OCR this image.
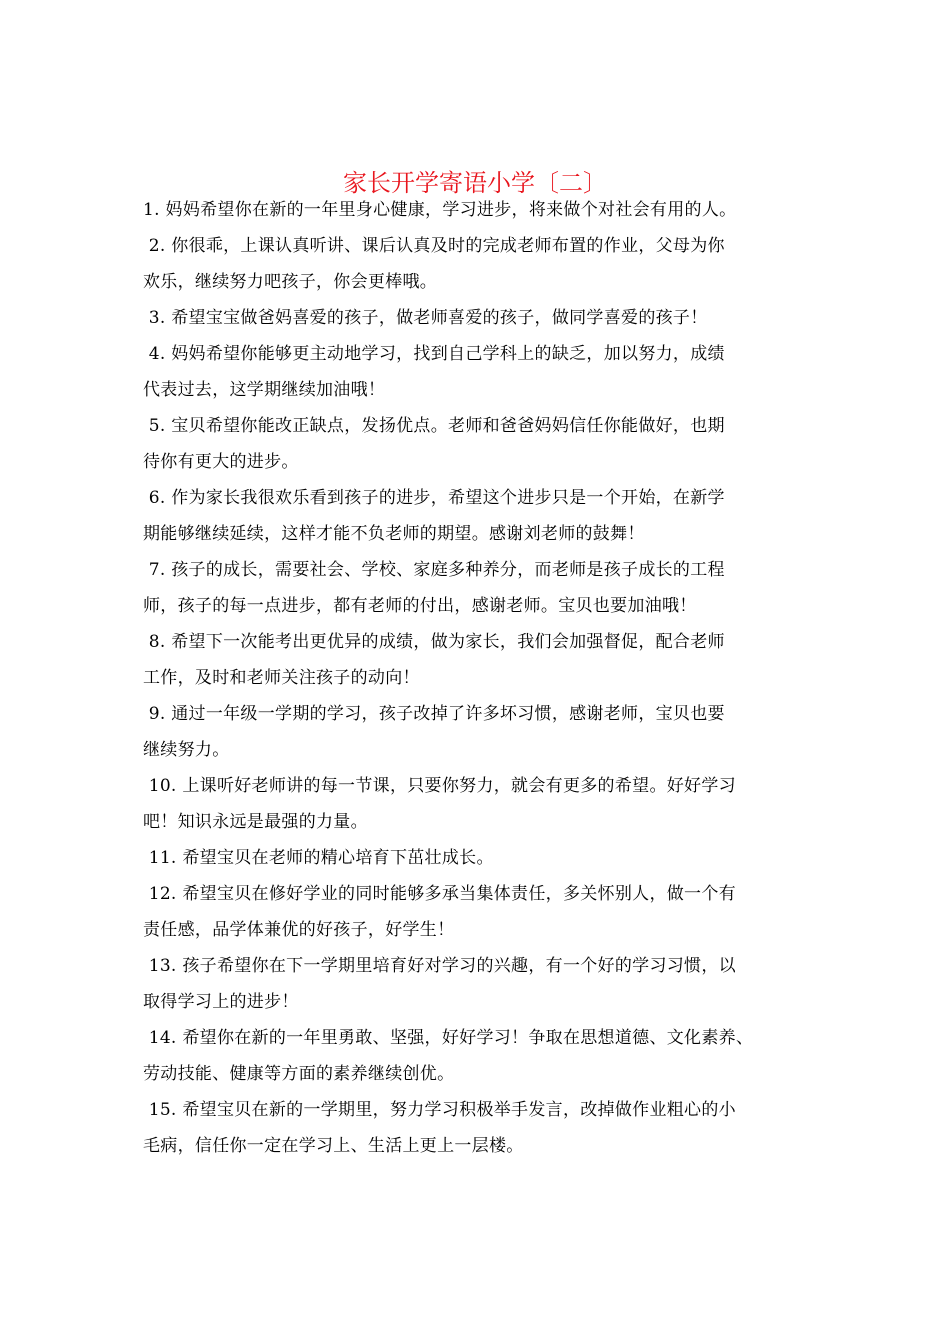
家长开学寄语小学〔二〕

1. 妈妈希望你在新的一年里身心健康，学习进步，将来做个对社会有用的人。

2. 你很乖，上课认真听讲、课后认真及时的完成老师布置的作业，父母为你

欢乐，继续努力吧孩子，你会更棒哦。

3. 希望宝宝做爸妈喜爱的孩子，做老师喜爱的孩子，做同学喜爱的孩子！

4. 妈妈希望你能够更主动地学习，找到自己学科上的缺乏，加以努力，成绩

代表过去，这学期继续加油哦！

5. 宝贝希望你能改正缺点，发扬优点。老师和爸爸妈妈信任你能做好，也期

待你有更大的进步。

6. 作为家长我很欢乐看到孩子的进步，希望这个进步只是一个开始，在新学

期能够继续延续，这样才能不负老师的期望。感谢刘老师的鼓舞！

7. 孩子的成长，需要社会、学校、家庭多种养分，而老师是孩子成长的工程

师，孩子的每一点进步，都有老师的付出，感谢老师。宝贝也要加油哦！

8. 希望下一次能考出更优异的成绩，做为家长，我们会加强督促，配合老师

工作，及时和老师关注孩子的动向！

9. 通过一年级一学期的学习，孩子改掉了许多坏习惯，感谢老师，宝贝也要

继续努力。

10. 上课听好老师讲的每一节课，只要你努力，就会有更多的希望。好好学习

吧！知识永远是最强的力量。

11. 希望宝贝在老师的精心培育下茁壮成长。

12. 希望宝贝在修好学业的同时能够多承当集体责任，多关怀别人，做一个有

责任感，品学体兼优的好孩子，好学生！

13. 孩子希望你在下一学期里培育好对学习的兴趣，有一个好的学习习惯，以

取得学习上的进步！

14. 希望你在新的一年里勇敢、坚强，好好学习！争取在思想道德、文化素养、

劳动技能、健康等方面的素养继续创优。

15. 希望宝贝在新的一学期里，努力学习积极举手发言，改掉做作业粗心的小

毛病，信任你一定在学习上、生活上更上一层楼。
